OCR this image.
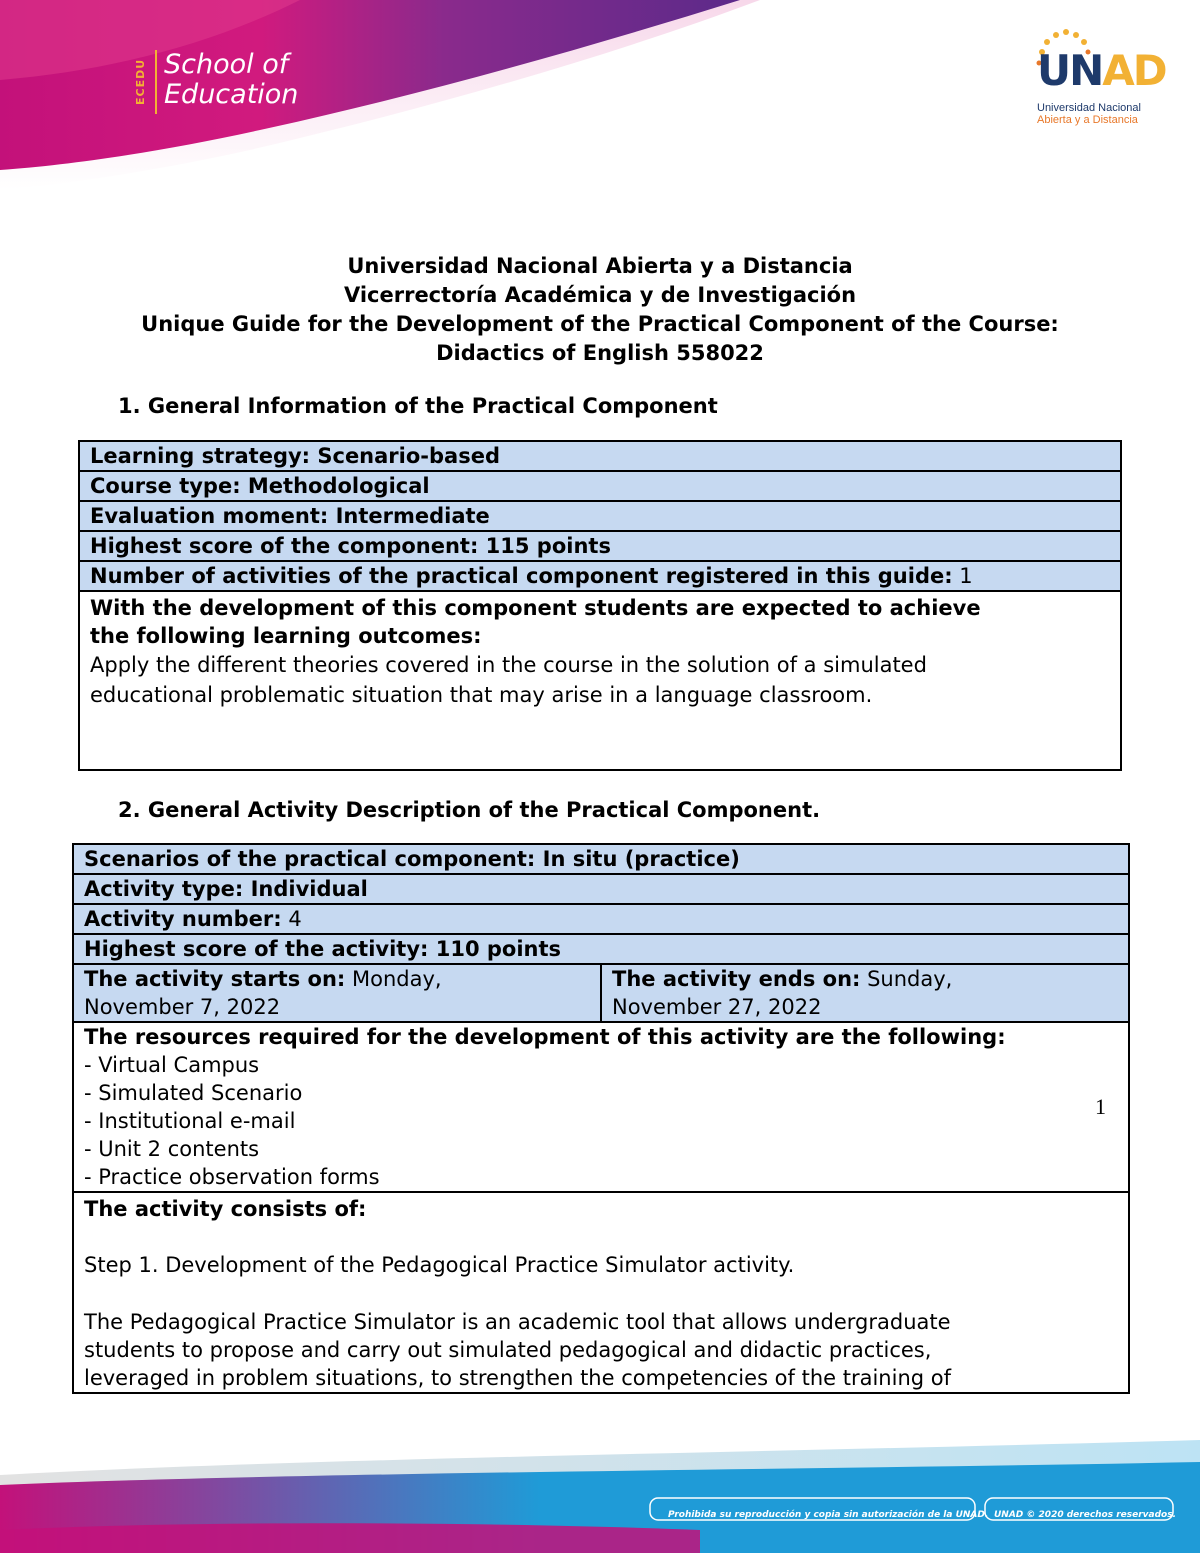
ECEDU School of
Education	UNAD
Universidad Nacional
Abierta y a Distancia
Universidad Nacional Abierta y a Distancia
Vicerrectoría Académica y de Investigación
Unique Guide for the Development of the Practical Component of the Course:
Didactics of English 558022
1. General Information of the Practical Component
Learning strategy: Scenario-based
Course type: Methodological
Evaluation moment: Intermediate
Highest score of the component: 115 points
Number of activities of the practical component registered in this guide: 1

With the development of this component students are expected to achieve
the following learning outcomes:
Apply the different theories covered in the course in the solution of a simulated
educational problematic situation that may arise in a language classroom.
2. General Activity Description of the Practical Component.
Scenarios of the practical component: In situ (practice)
Activity type: Individual
Activity number: 4
Highest score of the activity: 110 points
The activity starts on: Monday,
November 7, 2022
	The activity ends on: Sunday,
November 27, 2022

The resources required for the development of this activity are the following:
- Virtual Campus
- Simulated Scenario
- Institutional e-mail
- Unit 2 contents
- Practice observation forms

The activity consists of:
Step 1. Development of the Pedagogical Practice Simulator activity.
The Pedagogical Practice Simulator is an academic tool that allows undergraduate
students to propose and carry out simulated pedagogical and didactic practices,
leveraged in problem situations, to strengthen the competencies of the training of
1
Prohibida su reproducción y copia sin autorización de la UNAD. UNAD © 2020 derechos reservados.
